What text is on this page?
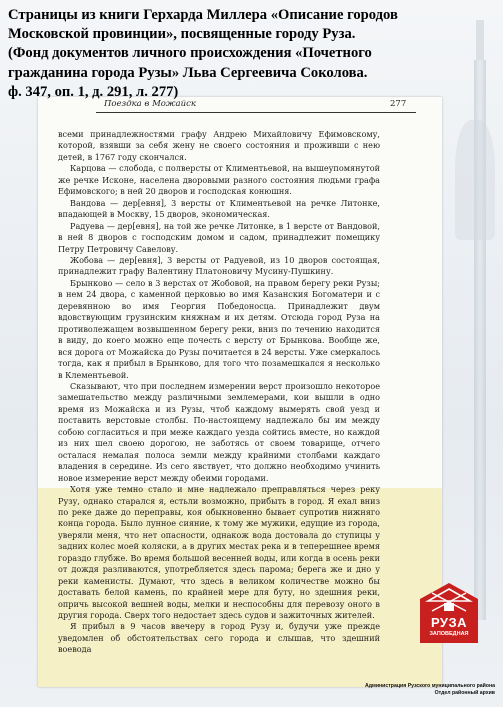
Страницы из книги Герхарда Миллера «Описание городов
Московской провинции», посвященные городу Руза.
(Фонд документов личного происхождения «Почетного
гражданина города Рузы» Льва Сергеевича Соколова.
ф. 347, оп. 1, д. 291, л. 277)
Поездка в Можайск	277

всеми принадлежностями графу Андрею Михайловичу Ефимовскому, которой, взявши за себя жену не своего состояния и проживши с нею детей, в 1767 году скончался.

Карцова — слобода, с полверсты от Климентьевой, на вышеупомянутой же речке Исконе, населена дворовыми разного состояния людьми графа Ефимовского; в ней 20 дворов и господская конюшня.

Вандова — дер[евня], 3 версты от Климентьевой на речке Литонке, впадающей в Москву, 15 дворов, экономическая.

Радуева — дер[евня], на той же речке Литонке, в 1 версте от Вандовой, в ней 8 дворов с господским домом и садом, принадлежит помещику Петру Петровичу Савелову.

Жобова — дер[евня], 3 версты от Радуевой, из 10 дворов состоящая, принадлежит графу Валентину Платоновичу Мусину-Пушкину.

Брынково — село в 3 верстах от Жобовой, на правом берегу реки Рузы; в нем 24 двора, с каменной церковью во имя Казанския Богоматери и с деревянною во имя Георгия Победоносца. Принадлежит двум вдовствующим грузинским княжнам и их детям. Отсюда город Руза на противолежащем возвышенном берегу реки, вниз по течению находится в виду, до коего можно еще почесть с версту от Брынкова. Вообще же, вся дорога от Можайска до Рузы почитается в 24 версты. Уже смеркалось тогда, как я прибыл в Брынково, для того что позамешкался я несколько в Клементьевой.

Сказывают, что при последнем измерении верст произошло некоторое замешательство между различными землемерами, кои вышли в одно время из Можайска и из Рузы, чтоб каждому вымерять свой уезд и поставить верстовые столбы. По-настоящему надлежало бы им между собою согласиться и при меже каждаго уезда сойтись вместе, но каждой из них шел своею дорогою, не заботясь от своем товарище, отчего осталася немалая полоса земли между крайними столбами каждаго владения в середине. Из сего явствует, что должно необходимо учинить новое измерение верст между обеими городами.

Хотя уже темно стало и мне надлежало преправляться через реку Рузу, однако старался я, естьли возможно, прибыть в город. Я ехал вниз по реке даже до переправы, коя обыкновенно бывает супротив нижняго конца города. Было лунное сияние, к тому же мужики, едущие из города, уверяли меня, что нет опасности, однакож вода достовала до ступицы у задних колес моей коляски, а в других местах река и в теперешнее время гораздо глубже. Во время большой весенней воды, или когда в осень реки от дождя разливаются, употребляется здесь парома; берега же и дно у реки каменисты. Думают, что здесь в великом количестве можно бы доставать белой камень, по крайней мере для буту, но здешния реки, опричь высокой вешней воды, мелки и неспособны для перевозу оного в другия города. Сверх того недостает здесь судов и зажиточных жителей.

Я прибыл в 9 часов ввечеру в город Рузу и, будучи уже прежде уведомлен об обстоятельствах сего города и слышав, что здешний воевода

РУЗА
ЗАПОВЕДНАЯ
Администрация Рузского муниципального района
Отдел районный архив
